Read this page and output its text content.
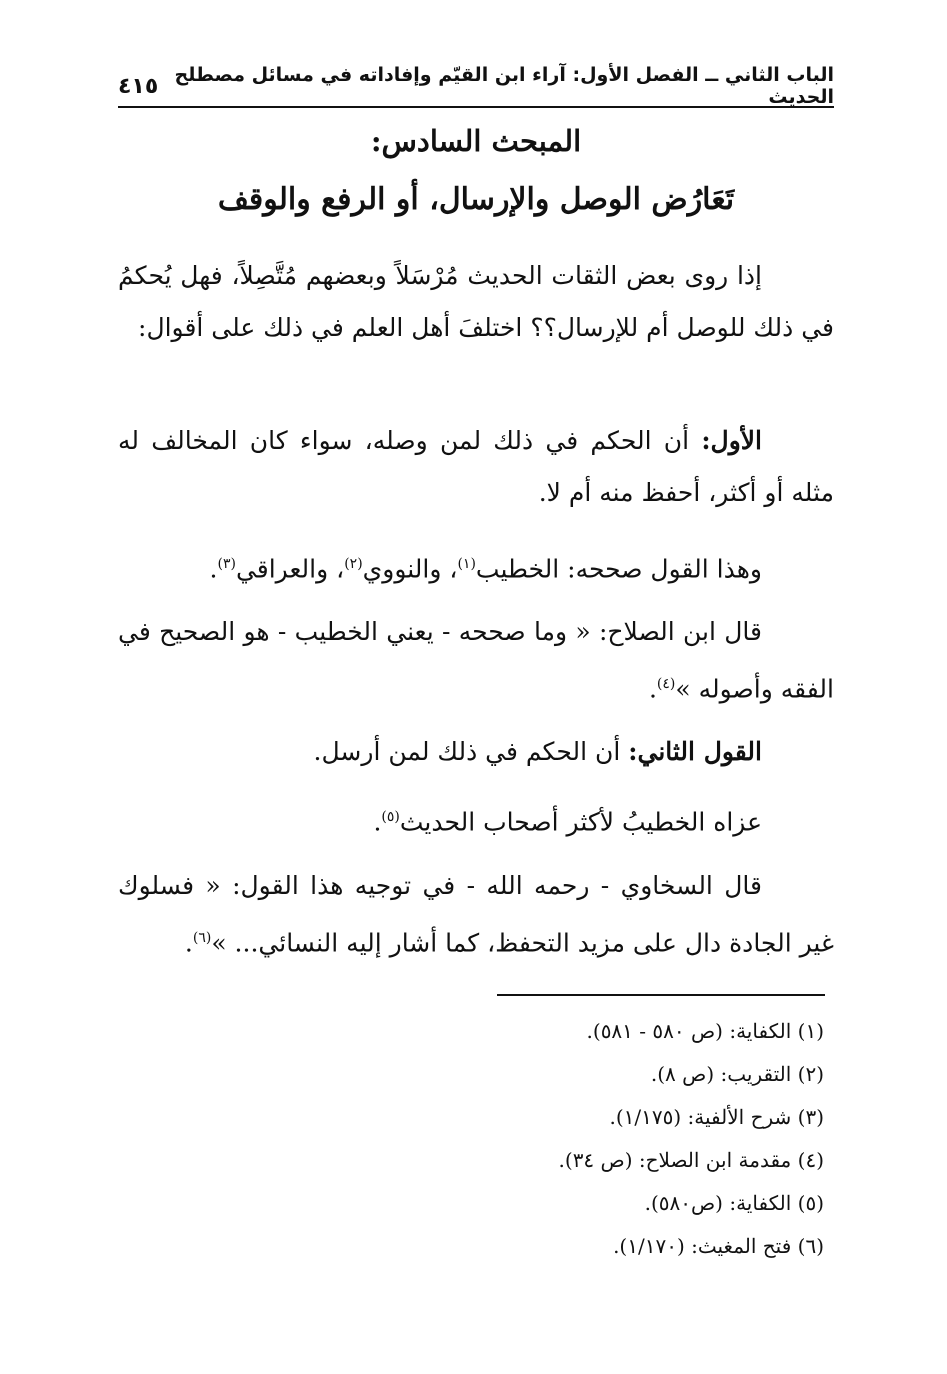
الباب الثاني ــ الفصل الأول: آراء ابن القيّم وإفاداته في مسائل مصطلح الحديث
٤١٥
المبحث السادس:
تَعَارُض الوصل والإرسال، أو الرفع والوقف

إذا روى بعض الثقات الحديث مُرْسَلاً وبعضهم مُتَّصِلاً، فهل يُحكمُ في ذلك للوصل أم للإرسال؟؟ اختلفَ أهل العلم في ذلك على أقوال:

الأول: أن الحكم في ذلك لمن وصله، سواء كان المخالف له مثله أو أكثر، أحفظ منه أم لا.

وهذا القول صححه: الخطيب$^{(١)}$، والنووي$^{(٢)}$، والعراقي$^{(٣)}$.

قال ابن الصلاح: « وما صححه - يعني الخطيب - هو الصحيح في الفقه وأصوله »$^{(٤)}$.

القول الثاني: أن الحكم في ذلك لمن أرسل.

عزاه الخطيبُ لأكثر أصحاب الحديث$^{(٥)}$.

قال السخاوي - رحمه الله - في توجيه هذا القول: « فسلوك غير الجادة دال على مزيد التحفظ، كما أشار إليه النسائي... »$^{(٦)}$.

(١) الكفاية: (ص ٥٨٠ - ٥٨١).

(٢) التقريب: (ص ٨).

(٣) شرح الألفية: (١/١٧٥).

(٤) مقدمة ابن الصلاح: (ص ٣٤).

(٥) الكفاية: (ص٥٨٠).

(٦) فتح المغيث: (١/١٧٠).
